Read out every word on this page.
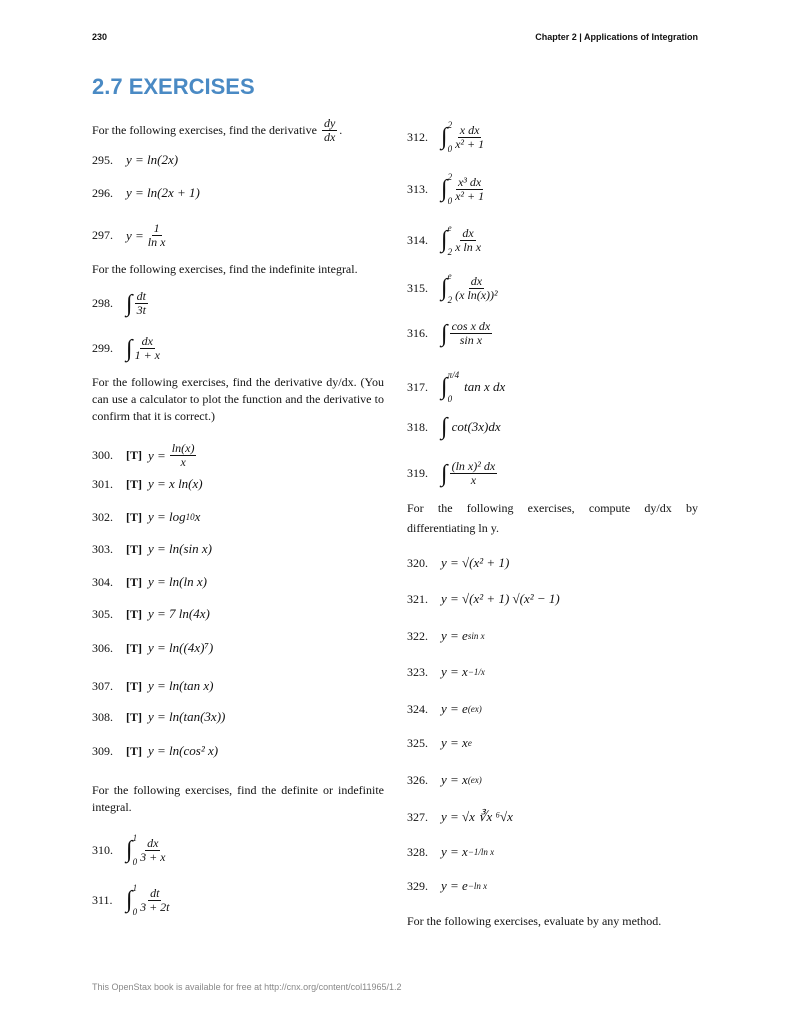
230	Chapter 2 | Applications of Integration
2.7 EXERCISES
For the following exercises, find the derivative $\frac{dy}{dx}$ .
For the following exercises, find the indefinite integral.
For the following exercises, find the derivative dy/dx. (You can use a calculator to plot the function and the derivative to confirm that it is correct.)
For the following exercises, find the definite or indefinite integral.
For the following exercises, compute dy/dx by differentiating ln y.
For the following exercises, evaluate by any method.
295.	y = ln(2x)
296.	y = ln(2x + 1)
297.	$y = \frac{1}{\text{ln x}}$
298. ∫ $\frac{dt}{3t}$
299. ∫ $\frac{dx}{1 + x}$
300.	[T] $y = \frac{\ln(x)}{x}$
301.	[T] y = x ln(x)
302.	[T] y = log 10 x
303.	[T] y = ln(sin x)
304.	[T] y = ln(ln x)
305.	[T] y = 7 ln(4x)
306.	[T] y = ln((4x)⁷)
307.	[T] y = ln(tan x)
308.	[T] y = ln(tan(3x))
309.	[T] y = ln(cos² x)
310. ∫ 1
$0 \frac{dx}{3 + x}$
311. ∫ 1
$0 \frac{dt}{3 + 2t}$
312. ∫ 2
$0 \frac{\text{x dx}}{\text{x² + 1}}$
313. ∫ 2
$0 \frac{\text{x³ dx}}{\text{x² + 1}}$
314. ∫ e
$2 \frac{dx}{\text{x ln x}}$
315. ∫ e
$2 \frac{dx}{\text{(x ln(x))²}}$
316. ∫ $\frac{\text{cos x dx}}{\text{sin x}}$
317. ∫ π/4
0
tan x dx
318. ∫ cot(3x)dx
319. ∫ $\frac{\text{(ln x)² dx}}{x}$
320.	y = √(x² + 1)
321.	y = √(x² + 1) √(x² − 1)
322.	y = e sin x
323.	y = x −1/x
324.	y = e (ex)
325.	y = x e
326.	y = x (ex)
327.	y = √x ∛x ⁶√x
328.	y = x −1/ln x
329.	y = e −ln x
This OpenStax book is available for free at http://cnx.org/content/col11965/1.2
